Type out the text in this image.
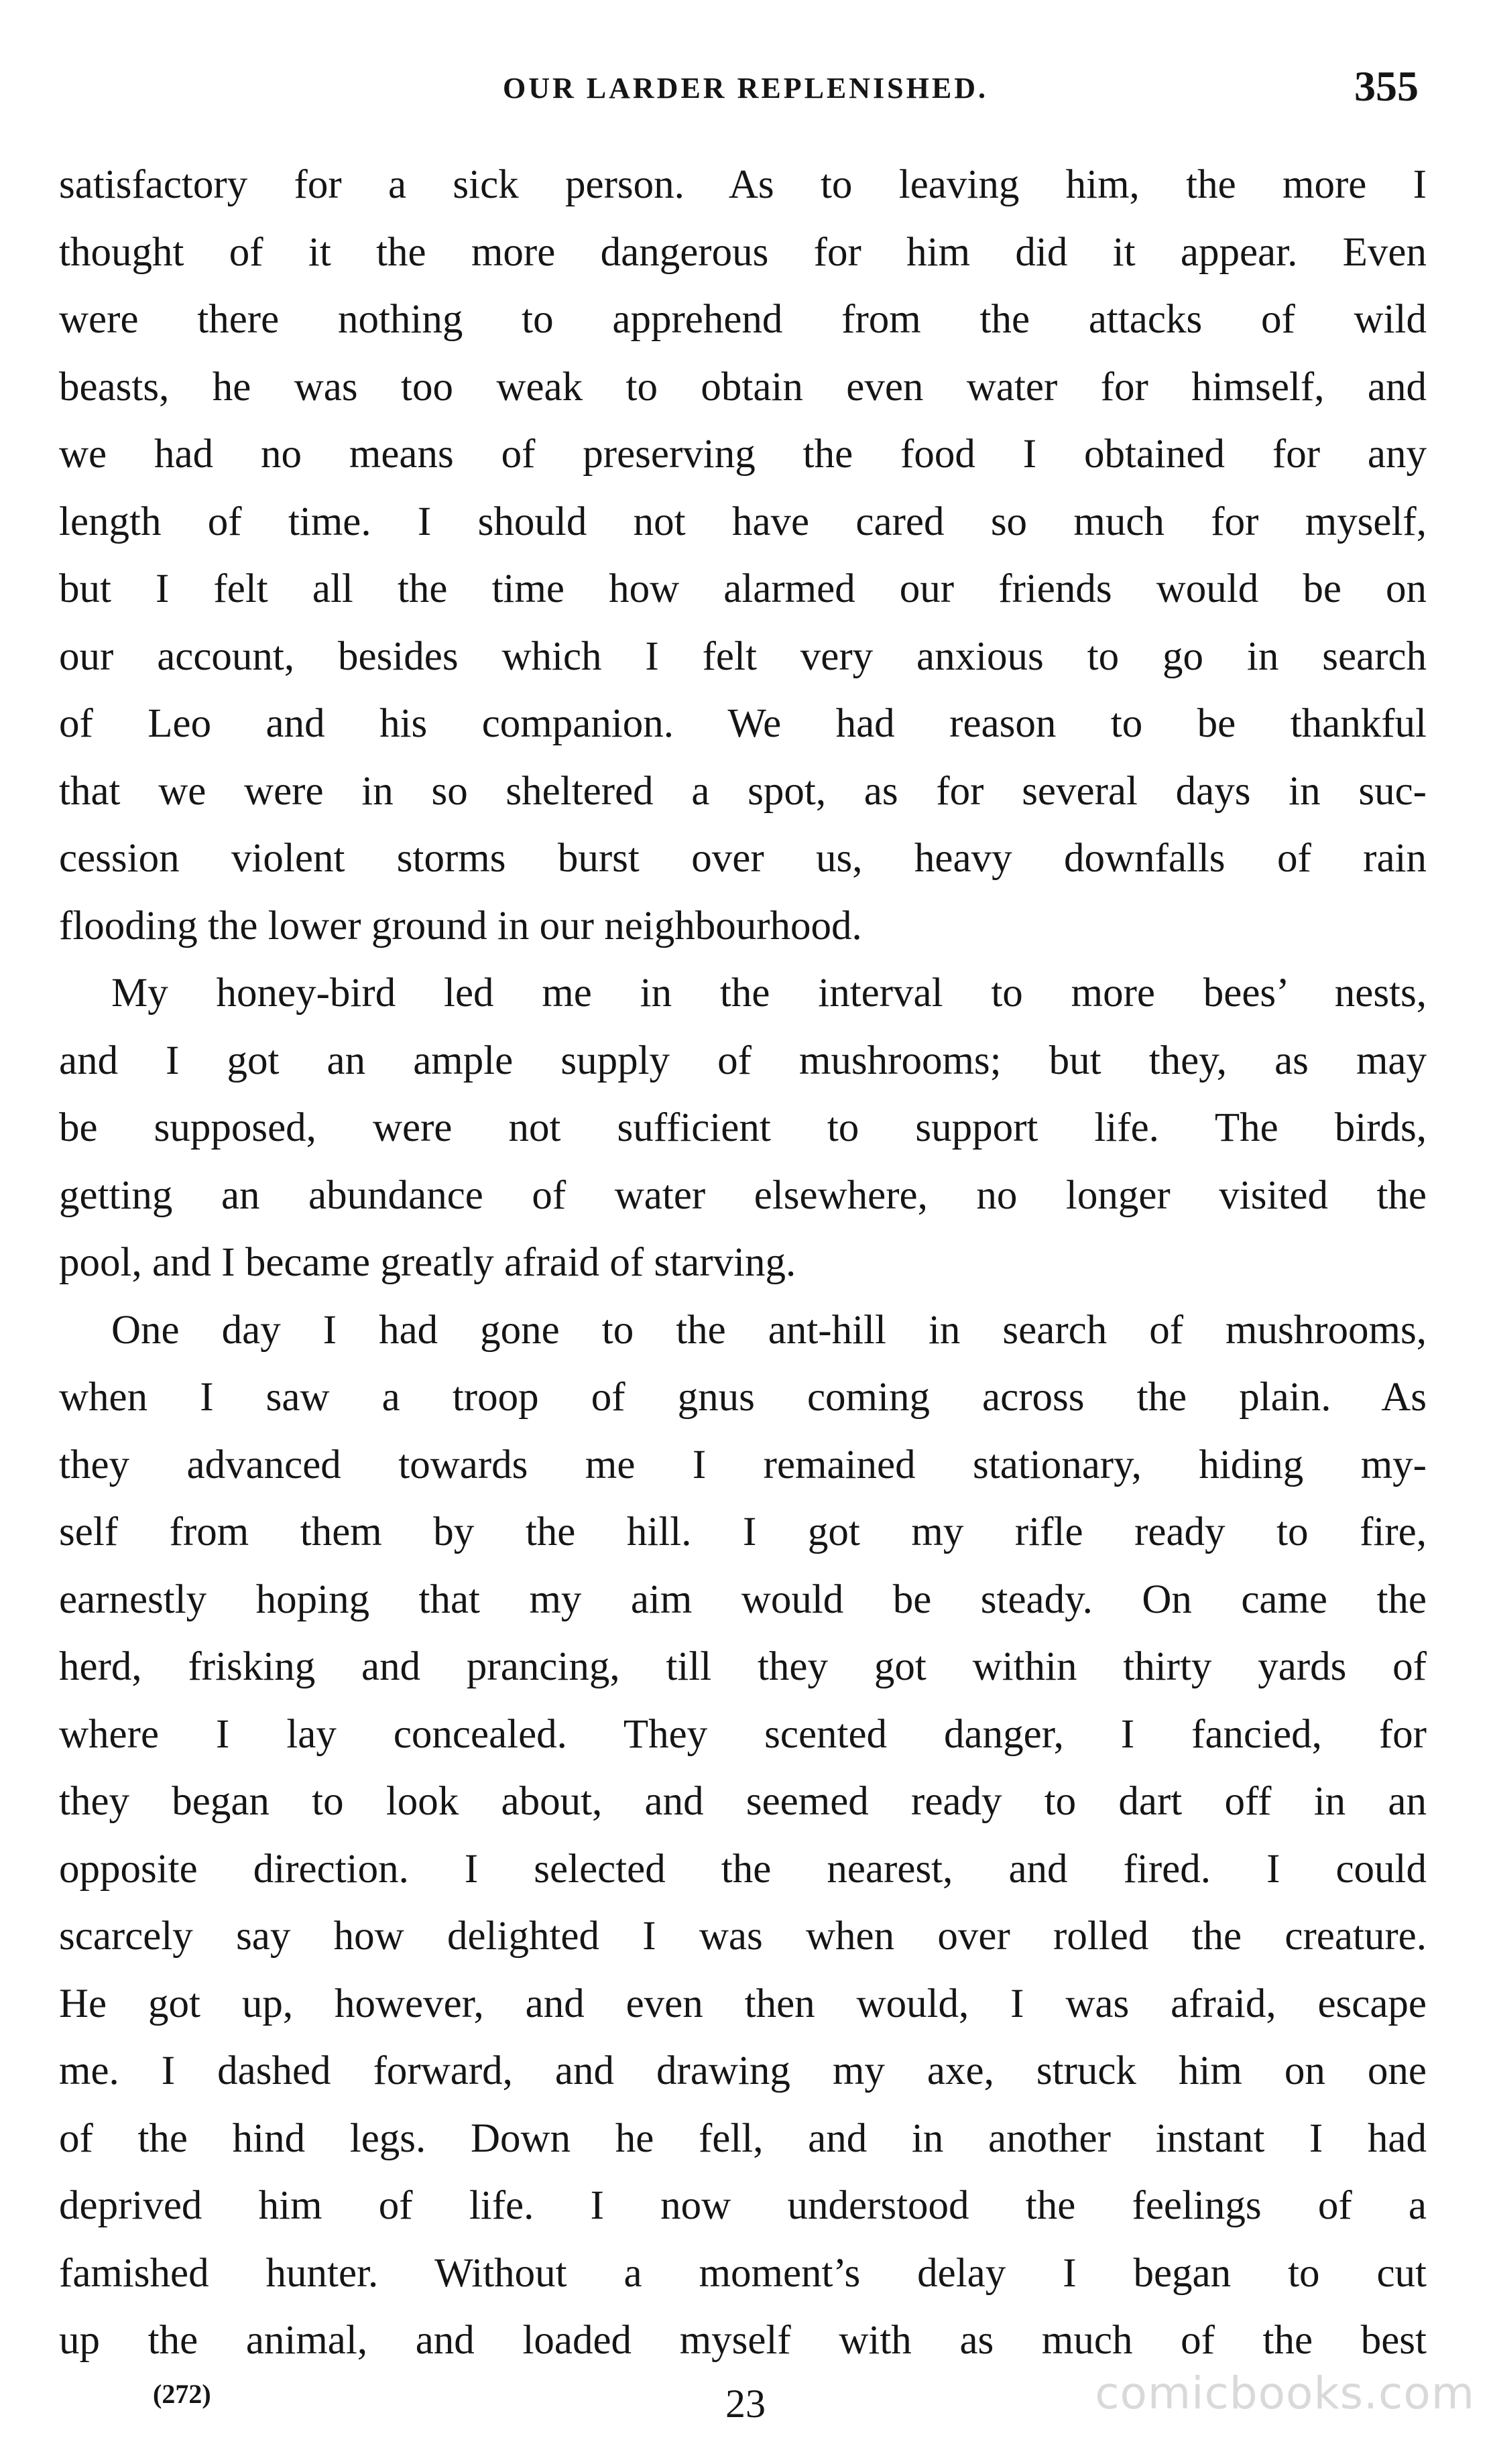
OUR LARDER REPLENISHED.	355
satisfactory for a sick person. As to leaving him, the more I
thought of it the more dangerous for him did it appear. Even
were there nothing to apprehend from the attacks of wild
beasts, he was too weak to obtain even water for himself, and
we had no means of preserving the food I obtained for any
length of time. I should not have cared so much for myself,
but I felt all the time how alarmed our friends would be on
our account, besides which I felt very anxious to go in search
of Leo and his companion. We had reason to be thankful
that we were in so sheltered a spot, as for several days in suc-
cession violent storms burst over us, heavy downfalls of rain
flooding the lower ground in our neighbourhood.
My honey-bird led me in the interval to more bees’ nests,
and I got an ample supply of mushrooms; but they, as may
be supposed, were not sufficient to support life. The birds,
getting an abundance of water elsewhere, no longer visited the
pool, and I became greatly afraid of starving.
One day I had gone to the ant-hill in search of mushrooms,
when I saw a troop of gnus coming across the plain. As
they advanced towards me I remained stationary, hiding my-
self from them by the hill. I got my rifle ready to fire,
earnestly hoping that my aim would be steady. On came the
herd, frisking and prancing, till they got within thirty yards of
where I lay concealed. They scented danger, I fancied, for
they began to look about, and seemed ready to dart off in an
opposite direction. I selected the nearest, and fired. I could
scarcely say how delighted I was when over rolled the creature.
He got up, however, and even then would, I was afraid, escape
me. I dashed forward, and drawing my axe, struck him on one
of the hind legs. Down he fell, and in another instant I had
deprived him of life. I now understood the feelings of a
famished hunter. Without a moment’s delay I began to cut
up the animal, and loaded myself with as much of the best
(272)	23	comicbooks.com
